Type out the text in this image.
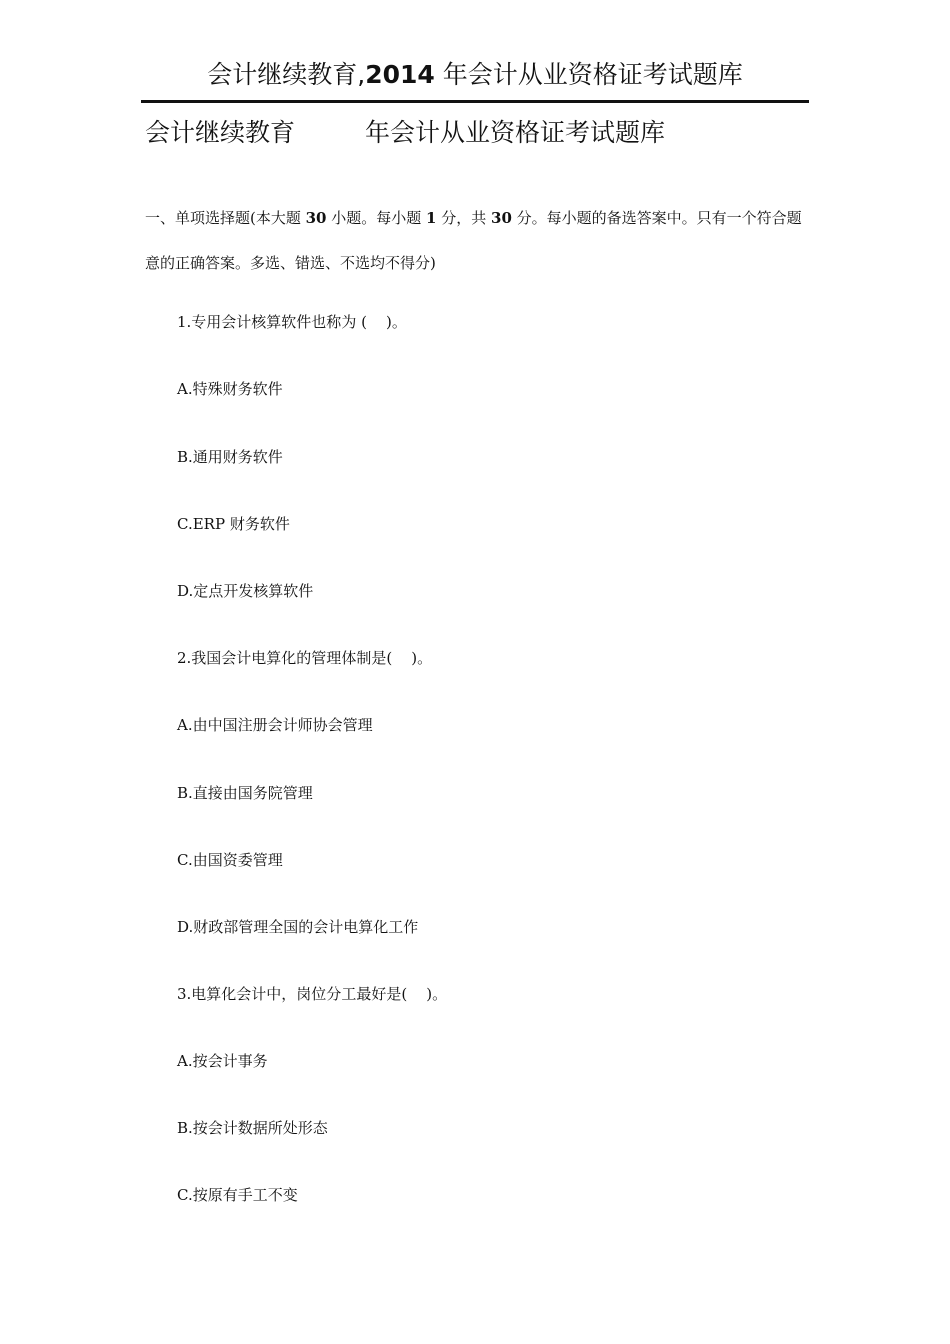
会计继续教育,2014 年会计从业资格证考试题库
会计继续教育	年会计从业资格证考试题库
一、单项选择题(本大题 30 小题。每小题 1 分，共 30 分。每小题的备选答案中。只有一个符合题意的正确答案。多选、错选、不选均不得分)
1.专用会计核算软件也称为 (    )。
A.特殊财务软件
B.通用财务软件
C.ERP 财务软件
D.定点开发核算软件
2.我国会计电算化的管理体制是(    )。
A.由中国注册会计师协会管理
B.直接由国务院管理
C.由国资委管理
D.财政部管理全国的会计电算化工作
3.电算化会计中，岗位分工最好是(    )。
A.按会计事务
B.按会计数据所处形态
C.按原有手工不变
